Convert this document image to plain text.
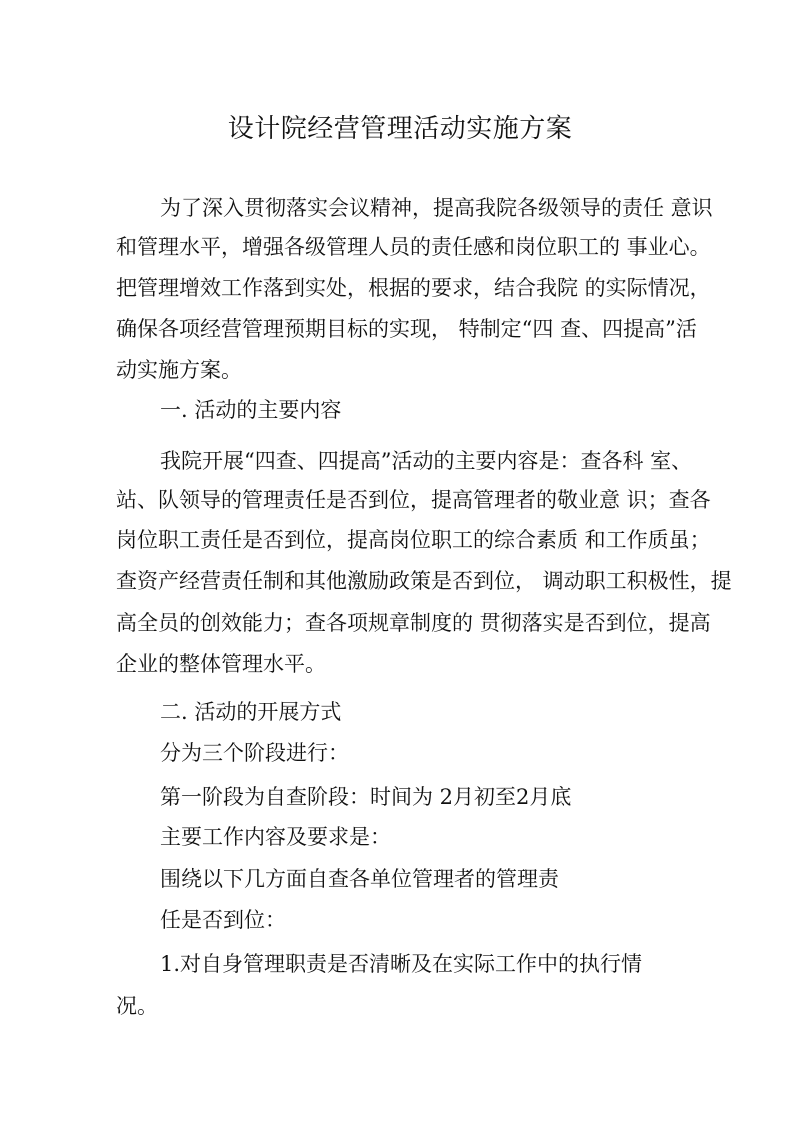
设计院经营管理活动实施方案
为了深入贯彻落实会议精神，提高我院各级领导的责任 意识
和管理水平，增强各级管理人员的责任感和岗位职工的 事业心。
把管理增效工作落到实处，根据的要求，结合我院 的实际情况，
确保各项经营管理预期目标的实现， 特制定“四 查、四提高”活
动实施方案。
一. 活动的主要内容
我院开展“四查、四提高”活动的主要内容是：查各科 室、
站、队领导的管理责任是否到位，提高管理者的敬业意 识；查各
岗位职工责任是否到位，提高岗位职工的综合素质 和工作质虽；
查资产经营责任制和其他激励政策是否到位， 调动职工积极性，提
高全员的创效能力；查各项规章制度的 贯彻落实是否到位，提高
企业的整体管理水平。
二. 活动的开展方式
分为三个阶段进行：
第一阶段为自查阶段：时间为 2月初至2月底
主要工作内容及要求是：
围绕以下几方面自查各单位管理者的管理责
任是否到位：
1.对自身管理职责是否清晰及在实际工作中的执行情
况。
